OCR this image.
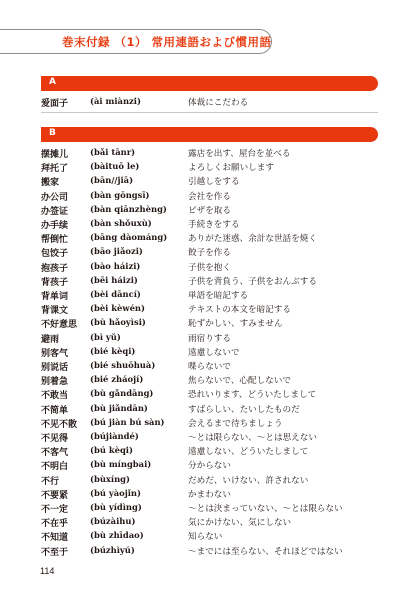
巻末付録 （1） 常用連語および慣用語
A
爱面子	(ài miànzi)	体裁にこだわる
B
摆摊儿	(bǎi tānr)	露店を出す、屋台を並べる
拜托了	(bàituō le)	よろしくお願いします
搬家	(bān//jiā)	引越しをする
办公司	(bàn gōngsī)	会社を作る
办签证	(bàn qiānzhèng) ビザを取る
办手续	(bàn shǒuxù)	手続きをする
帮倒忙	(bāng dàománg) ありがた迷惑、余計な世話を焼く
包饺子	(bāo jiǎozi)	餃子を作る
抱孩子	(bào háizi)	子供を抱く
背孩子	(bēi háizi)	子供を背負う、子供をおんぶする
背单词	(bèi dāncí)	単語を暗記する
背课文	(bèi kèwén)	テキストの本文を暗記する
不好意思 (bù hǎoyìsi)	恥ずかしい、すみません
避雨	(bì yǔ)	雨宿りする
别客气	(bié kèqi)	遠慮しないで
别说话	(bié shuōhuà)	喋らないで
别着急	(bié zháojí)	焦らないで、心配しないで
不敢当	(bù gǎndāng)	恐れいります、どういたしまして
不简单	(bù jiǎndān)	すばらしい、たいしたものだ
不见不散 (bú jiàn bú sàn)	会えるまで待ちましょう
不见得	(bújiàndé)	～とは限らない、～とは思えない
不客气	(bú kèqi)	遠慮しない、どういたしまして
不明白	(bù míngbai)	分からない
不行	(bùxíng)	だめだ、いけない、許されない
不要紧	(bú yàojǐn)	かまわない
不一定	(bù yídìng)	～とは決まっていない、～とは限らない
不在乎	(búzàihu)	気にかけない、気にしない
不知道	(bù zhīdao)	知らない
不至于	(búzhìyú)	～までには至らない、それほどではない
114
